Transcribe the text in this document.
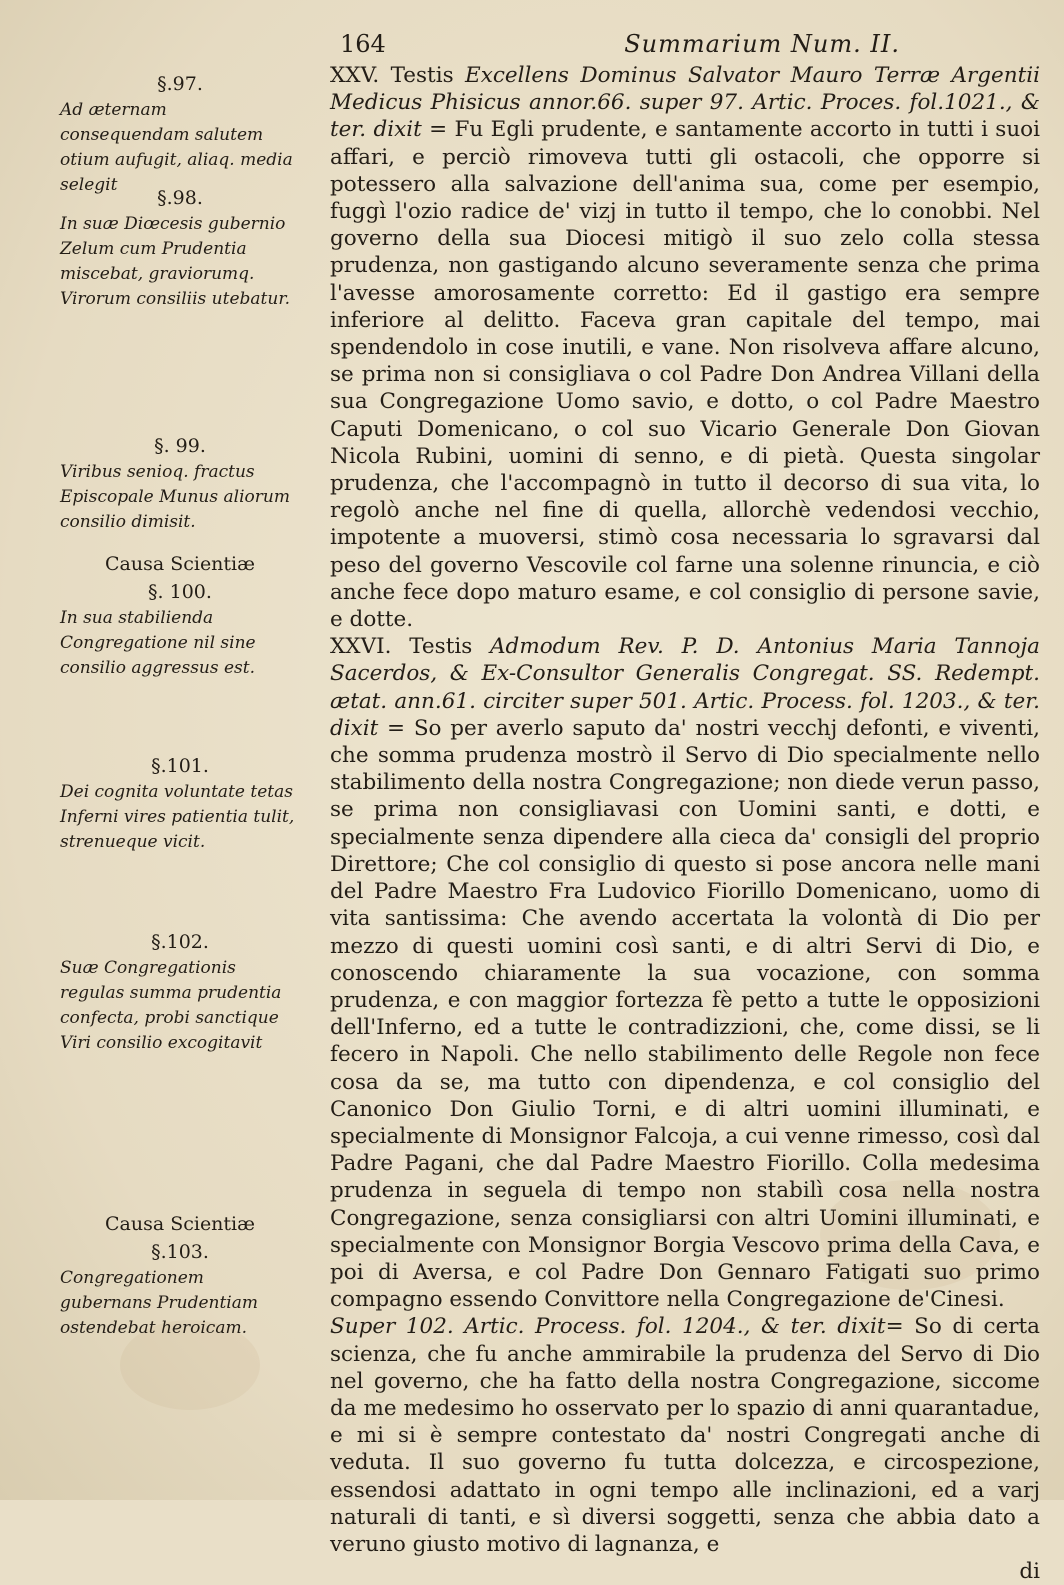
164	Summarium Num. II.
§.97.
Ad æternam consequendam salutem otium aufugit, aliaq. media selegit
§.98.
In suæ Diœcesis gubernio Zelum cum Prudentia miscebat, graviorumq. Virorum consiliis utebatur.
§. 99.
Viribus senioq. fractus Episcopale Munus aliorum consilio dimisit.
Causa Scientiæ
§. 100.
In sua stabilienda Congregatione nil sine consilio aggressus est.
§.101.
Dei cognita voluntate tetas Inferni vires patientia tulit, strenueque vicit.
§.102.
Suæ Congregationis regulas summa prudentia confecta, probi sanctique Viri consilio excogitavit
Causa Scientiæ
§.103.
Congregationem gubernans Prudentiam ostendebat heroicam.

XXV. Testis Excellens Dominus Salvator Mauro Terræ Argentii Medicus Phisicus annor.66. super 97. Artic. Proces. fol.1021., & ter. dixit = Fu Egli prudente, e santamente accorto in tutti i suoi affari, e perciò rimoveva tutti gli ostacoli, che opporre si potessero alla salvazione dell'anima sua, come per esempio, fuggì l'ozio radice de' vizj in tutto il tempo, che lo conobbi. Nel governo della sua Diocesi mitigò il suo zelo colla stessa prudenza, non gastigando alcuno severamente senza che prima l'avesse amorosamente corretto: Ed il gastigo era sempre inferiore al delitto. Faceva gran capitale del tempo, mai spendendolo in cose inutili, e vane. Non risolveva affare alcuno, se prima non si consigliava o col Padre Don Andrea Villani della sua Congregazione Uomo savio, e dotto, o col Padre Maestro Caputi Domenicano, o col suo Vicario Generale Don Giovan Nicola Rubini, uomini di senno, e di pietà. Questa singolar prudenza, che l'accompagnò in tutto il decorso di sua vita, lo regolò anche nel fine di quella, allorchè vedendosi vecchio, impotente a muoversi, stimò cosa necessaria lo sgravarsi dal peso del governo Vescovile col farne una solenne rinuncia, e ciò anche fece dopo maturo esame, e col consiglio di persone savie, e dotte.

XXVI. Testis Admodum Rev. P. D. Antonius Maria Tannoja Sacerdos, & Ex-Consultor Generalis Congregat. SS. Redempt. ætat. ann.61. circiter super 501. Artic. Process. fol. 1203., & ter. dixit = So per averlo saputo da' nostri vecchj defonti, e viventi, che somma prudenza mostrò il Servo di Dio specialmente nello stabilimento della nostra Congregazione; non diede verun passo, se prima non consigliavasi con Uomini santi, e dotti, e specialmente senza dipendere alla cieca da' consigli del proprio Direttore; Che col consiglio di questo si pose ancora nelle mani del Padre Maestro Fra Ludovico Fiorillo Domenicano, uomo di vita santissima: Che avendo accertata la volontà di Dio per mezzo di questi uomini così santi, e di altri Servi di Dio, e conoscendo chiaramente la sua vocazione, con somma prudenza, e con maggior fortezza fè petto a tutte le opposizioni dell'Inferno, ed a tutte le contradizzioni, che, come dissi, se li fecero in Napoli. Che nello stabilimento delle Regole non fece cosa da se, ma tutto con dipendenza, e col consiglio del Canonico Don Giulio Torni, e di altri uomini illuminati, e specialmente di Monsignor Falcoja, a cui venne rimesso, così dal Padre Pagani, che dal Padre Maestro Fiorillo. Colla medesima prudenza in seguela di tempo non stabilì cosa nella nostra Congregazione, senza consigliarsi con altri Uomini illuminati, e specialmente con Monsignor Borgia Vescovo prima della Cava, e poi di Aversa, e col Padre Don Gennaro Fatigati suo primo compagno essendo Convittore nella Congregazione de'Cinesi.

Super 102. Artic. Process. fol. 1204., & ter. dixit= So di certa scienza, che fu anche ammirabile la prudenza del Servo di Dio nel governo, che ha fatto della nostra Congregazione, siccome da me medesimo ho osservato per lo spazio di anni quarantadue, e mi si è sempre contestato da' nostri Congregati anche di veduta. Il suo governo fu tutta dolcezza, e circospezione, essendosi adattato in ogni tempo alle inclinazioni, ed a varj naturali di tanti, e sì diversi soggetti, senza che abbia dato a veruno giusto motivo di lagnanza, e

di
